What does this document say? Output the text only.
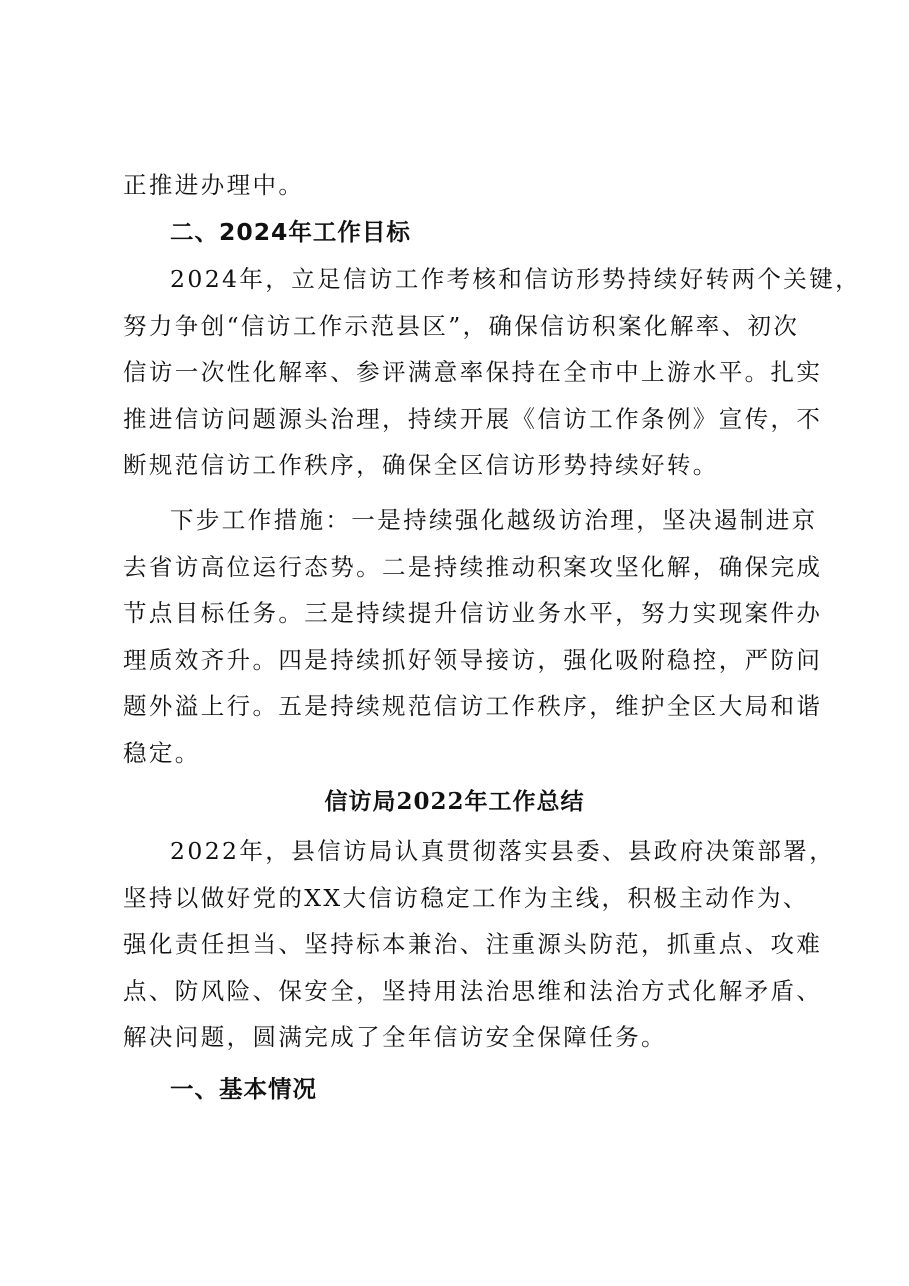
正推进办理中。
二、2024年工作目标
2024年，立足信访工作考核和信访形势持续好转两个关键，
努力争创“信访工作示范县区”，确保信访积案化解率、初次
信访一次性化解率、参评满意率保持在全市中上游水平。扎实
推进信访问题源头治理，持续开展《信访工作条例》宣传，不
断规范信访工作秩序，确保全区信访形势持续好转。
下步工作措施：一是持续强化越级访治理，坚决遏制进京
去省访高位运行态势。二是持续推动积案攻坚化解，确保完成
节点目标任务。三是持续提升信访业务水平，努力实现案件办
理质效齐升。四是持续抓好领导接访，强化吸附稳控，严防问
题外溢上行。五是持续规范信访工作秩序，维护全区大局和谐
稳定。
信访局2022年工作总结
2022年，县信访局认真贯彻落实县委、县政府决策部署，
坚持以做好党的XX大信访稳定工作为主线，积极主动作为、
强化责任担当、坚持标本兼治、注重源头防范，抓重点、攻难
点、防风险、保安全，坚持用法治思维和法治方式化解矛盾、
解决问题，圆满完成了全年信访安全保障任务。
一、基本情况
